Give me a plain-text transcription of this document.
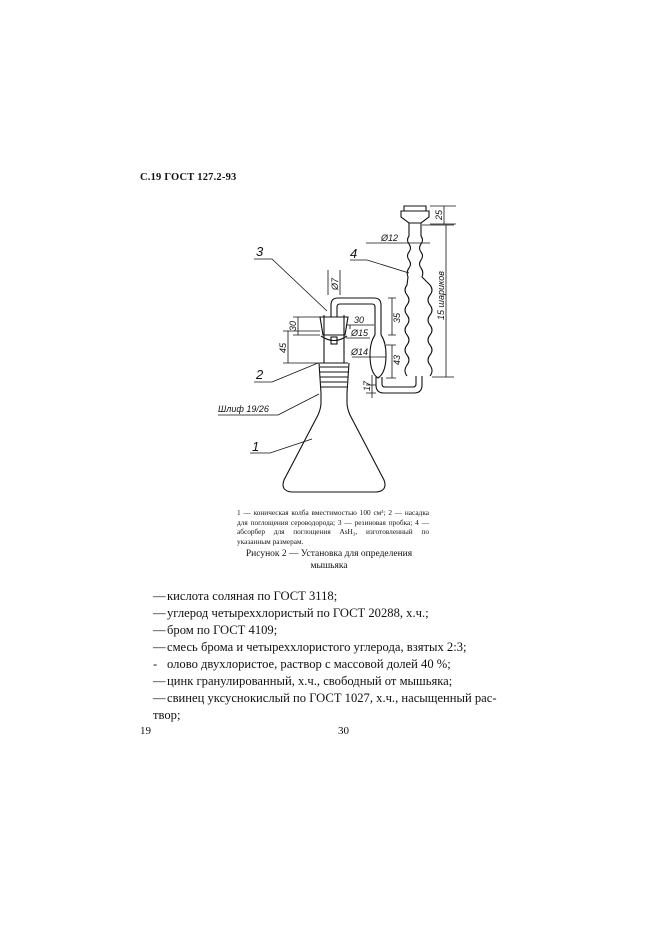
С.19 ГОСТ 127.2-93
3	4
2
1
Шлиф 19/26
Ø12
Ø7
Ø15
Ø14
25
30
45
30	35
43
17
15 шариков
1 — коническая колба вместимостью 100 см³; 2 — насадка для поглощения сероводорода; 3 — резиновая пробка; 4 — абсорбер для поглощения AsH₃, изготовленный по указанным размерам.
Рисунок 2 — Установка для определения
мышьяка
—кислота соляная по ГОСТ 3118;
—углерод четыреххлористый по ГОСТ 20288, х.ч.;
—бром по ГОСТ 4109;
—смесь брома и четыреххлористого углерода, взятых 2:3;
- олово двухлористое, раствор с массовой долей 40 %;
—цинк гранулированный, х.ч., свободный от мышьяка;
—свинец уксуснокислый по ГОСТ 1027, х.ч., насыщенный рас-
твор;
19	30
